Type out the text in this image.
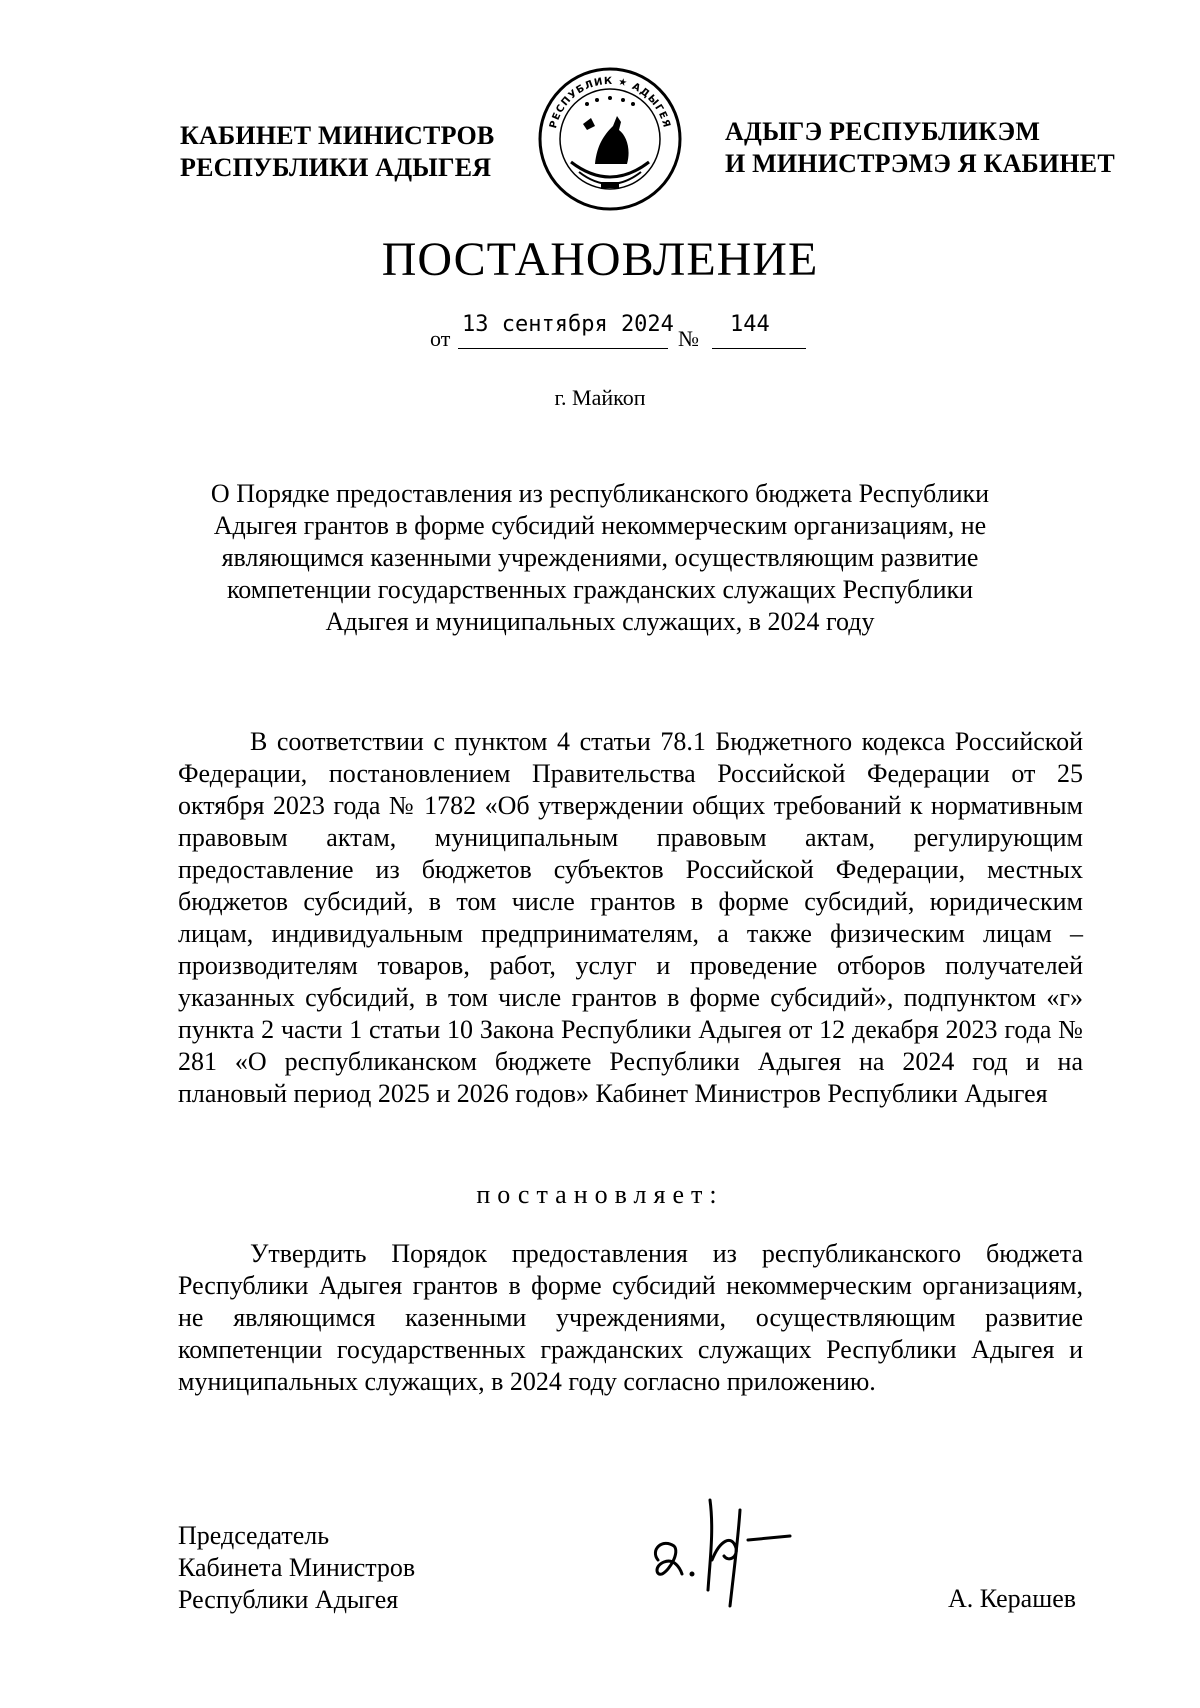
КАБИНЕТ МИНИСТРОВ
РЕСПУБЛИКИ АДЫГЕЯ
РЕСПУБЛИК ★ АДЫГЕЯ АДЫГЭ РЕСПУБЛИКЭМ
И МИНИСТРЭМЭ Я КАБИНЕТ
ПОСТАНОВЛЕНИЕ
от
13 сентября 2024
№
144
г. Майкоп
О Порядке предоставления из республиканского бюджета Республики Адыгея грантов в форме субсидий некоммерческим организациям, не являющимся казенными учреждениями, осуществляющим развитие компетенции государственных гражданских служащих Республики Адыгея и муниципальных служащих, в 2024 году

В соответствии с пунктом 4 статьи 78.1 Бюджетного кодекса Российской Федерации, постановлением Правительства Российской Федерации от 25 октября 2023 года № 1782 «Об утверждении общих требований к нормативным правовым актам, муниципальным правовым актам, регулирующим предоставление из бюджетов субъектов Российской Федерации, местных бюджетов субсидий, в том числе грантов в форме субсидий, юридическим лицам, индивидуальным предпринимателям, а также физическим лицам – производителям товаров, работ, услуг и проведение отборов получателей указанных субсидий, в том числе грантов в форме субсидий», подпунктом «г» пункта 2 части 1 статьи 10 Закона Республики Адыгея от 12 декабря 2023 года № 281 «О республиканском бюджете Республики Адыгея на 2024 год и на плановый период 2025 и 2026 годов» Кабинет Министров Республики Адыгея

постановляет:

Утвердить Порядок предоставления из республиканского бюджета Республики Адыгея грантов в форме субсидий некоммерческим организациям, не являющимся казенными учреждениями, осуществляющим развитие компетенции государственных гражданских служащих Республики Адыгея и муниципальных служащих, в 2024 году согласно приложению.

Председатель
Кабинета Министров
Республики Адыгея	А. Керашев
